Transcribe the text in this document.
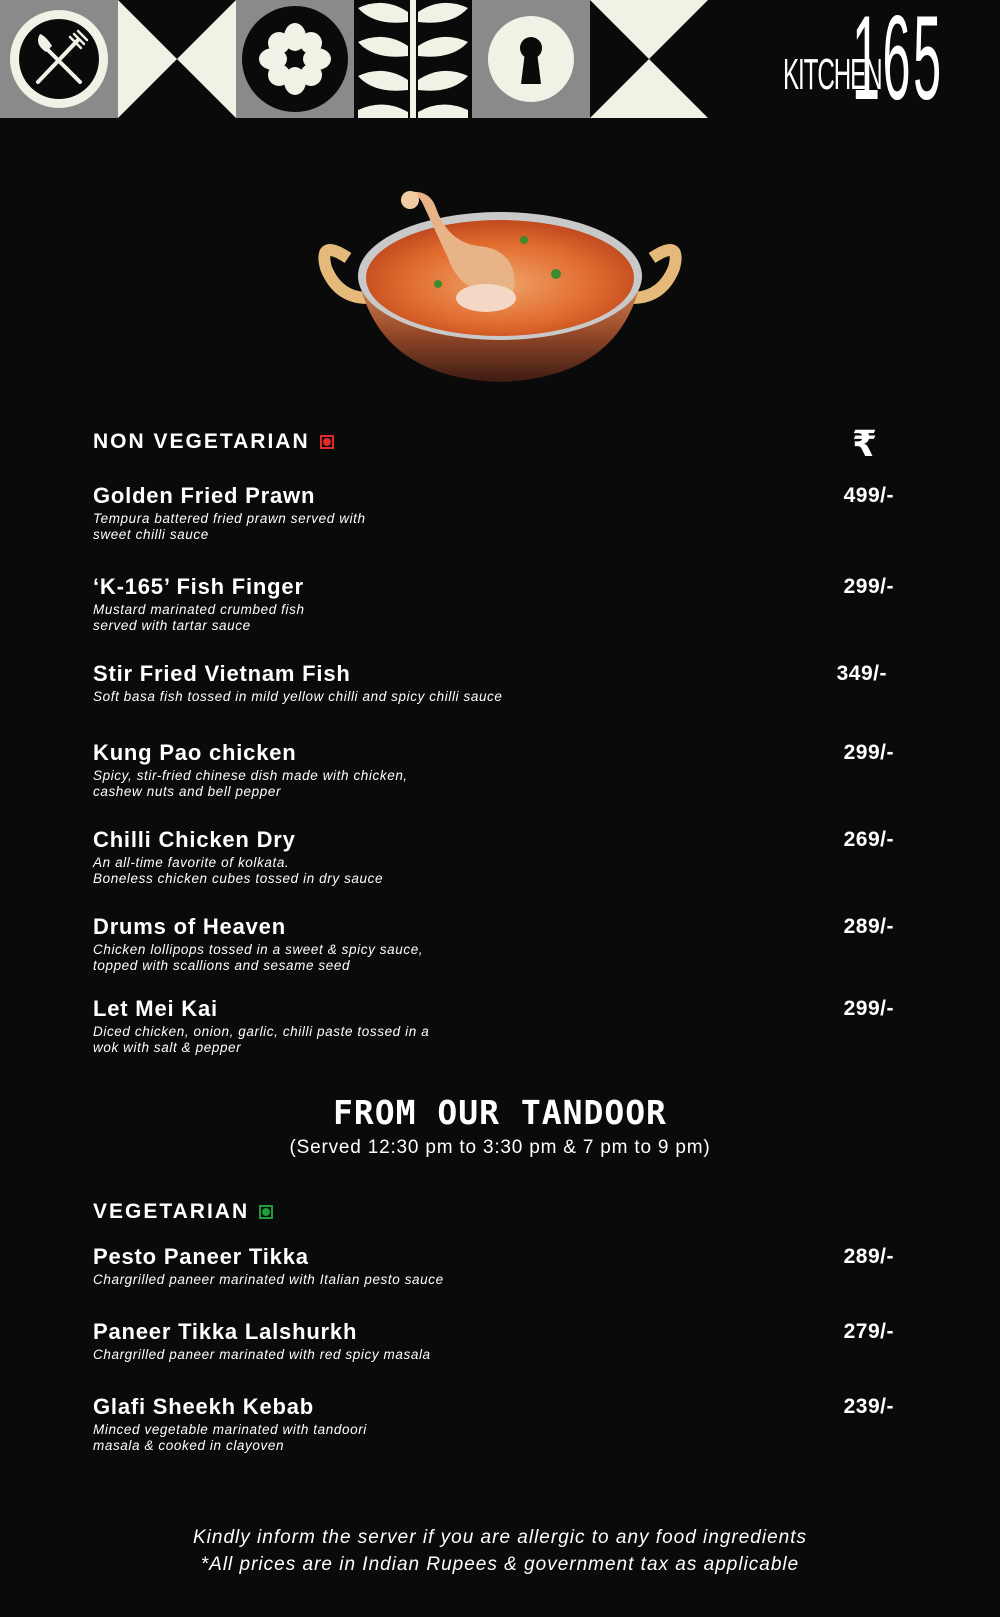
KITCHEN
165
NON VEGETARIAN	₹
Golden Fried Prawn
Tempura battered fried prawn served with
sweet chilli sauce
499/-
‘K-165’ Fish Finger
Mustard marinated crumbed fish
served with tartar sauce
299/-
Stir Fried Vietnam Fish
Soft basa fish tossed in mild yellow chilli and spicy chilli sauce
349/-
Kung Pao chicken
Spicy, stir-fried chinese dish made with chicken,
cashew nuts and bell pepper
299/-
Chilli Chicken Dry
An all-time favorite of kolkata.
Boneless chicken cubes tossed in dry sauce
269/-
Drums of Heaven
Chicken lollipops tossed in a sweet & spicy sauce,
topped with scallions and sesame seed
289/-
Let Mei Kai
Diced chicken, onion, garlic, chilli paste tossed in a
wok with salt & pepper
299/-
FROM OUR TANDOOR
(Served 12:30 pm to 3:30 pm & 7 pm to 9 pm)
VEGETARIAN
Pesto Paneer Tikka
Chargrilled paneer marinated with Italian pesto sauce
289/-
Paneer Tikka Lalshurkh
Chargrilled paneer marinated with red spicy masala
279/-
Glafi Sheekh Kebab
Minced vegetable marinated with tandoori
masala & cooked in clayoven
239/-
Kindly inform the server if you are allergic to any food ingredients
*All prices are in Indian Rupees & government tax as applicable
